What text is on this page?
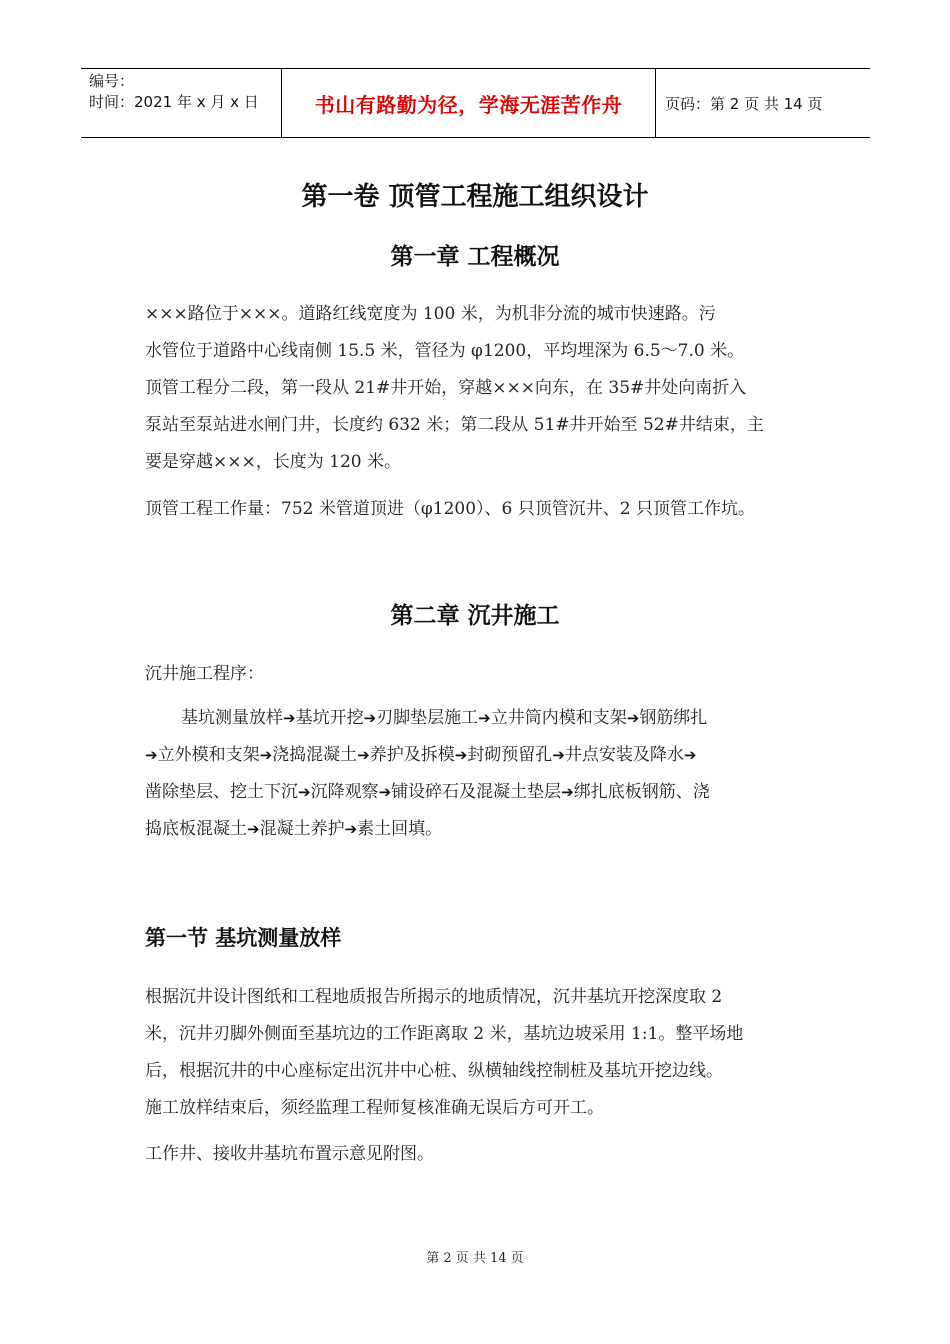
编号：
时间：2021 年 x 月 x 日	书山有路勤为径，学海无涯苦作舟	页码：第 2 页 共 14 页
第一卷 顶管工程施工组织设计
第一章 工程概况
×××路位于×××。道路红线宽度为 100 米，为机非分流的城市快速路。污
水管位于道路中心线南侧 15.5 米，管径为 φ1200，平均埋深为 6.5～7.0 米。
顶管工程分二段，第一段从 21#井开始，穿越×××向东，在 35#井处向南折入
泵站至泵站进水闸门井，长度约 632 米；第二段从 51#井开始至 52#井结束，主
要是穿越×××，长度为 120 米。
顶管工程工作量：752 米管道顶进（φ1200）、6 只顶管沉井、2 只顶管工作坑。
第二章 沉井施工
沉井施工程序：
基坑测量放样➔基坑开挖➔刃脚垫层施工➔立井筒内模和支架➔钢筋绑扎
➔立外模和支架➔浇捣混凝土➔养护及拆模➔封砌预留孔➔井点安装及降水➔
凿除垫层、挖土下沉➔沉降观察➔铺设碎石及混凝土垫层➔绑扎底板钢筋、浇
捣底板混凝土➔混凝土养护➔素土回填。
第一节 基坑测量放样
根据沉井设计图纸和工程地质报告所揭示的地质情况，沉井基坑开挖深度取 2
米，沉井刃脚外侧面至基坑边的工作距离取 2 米，基坑边坡采用 1:1。整平场地
后，根据沉井的中心座标定出沉井中心桩、纵横轴线控制桩及基坑开挖边线。
施工放样结束后，须经监理工程师复核准确无误后方可开工。
工作井、接收井基坑布置示意见附图。
第 2 页 共 14 页
